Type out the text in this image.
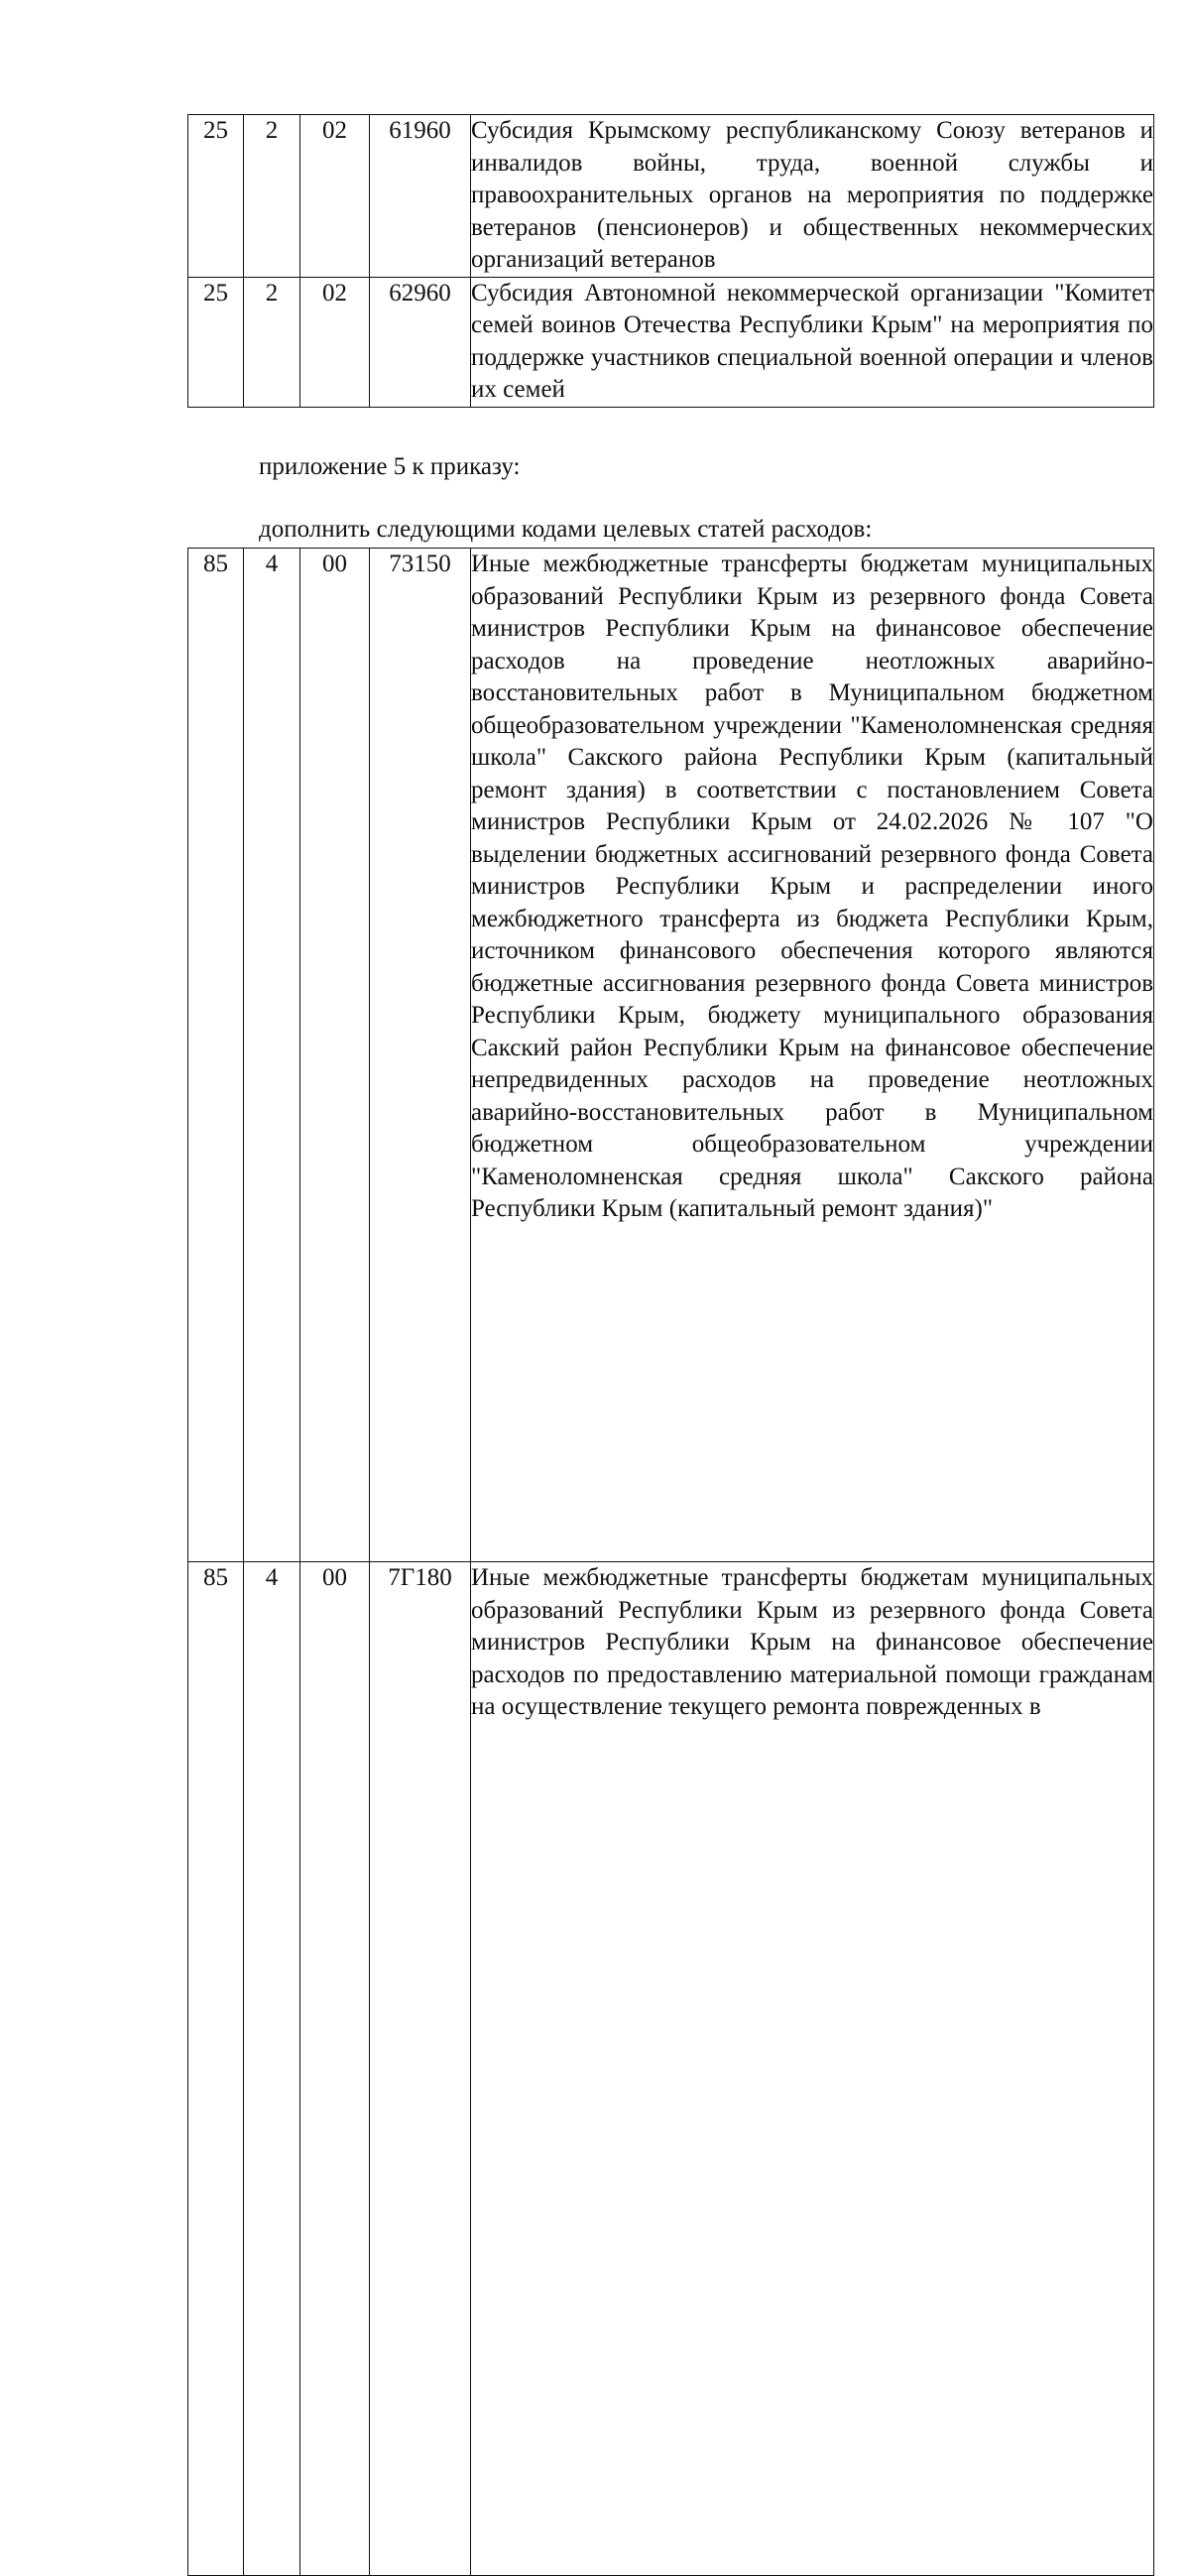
25	2	02	61960	Субсидия Крымскому республиканскому Союзу ветеранов и инвалидов войны, труда, военной службы и правоохранительных органов на мероприятия по поддержке ветеранов (пенсионеров) и общественных некоммерческих организаций ветеранов
25	2	02	62960	Субсидия Автономной некоммерческой организации "Комитет семей воинов Отечества Республики Крым" на мероприятия по поддержке участников специальной военной операции и членов их семей
приложение 5 к приказу:
дополнить следующими кодами целевых статей расходов:
85	4	00	73150	Иные межбюджетные трансферты бюджетам муниципальных образований Республики Крым из резервного фонда Совета министров Республики Крым на финансовое обеспечение расходов на проведение неотложных аварийно-восстановительных работ в Муниципальном бюджетном общеобразовательном учреждении "Каменоломненская средняя школа" Сакского района Республики Крым (капитальный ремонт здания) в соответствии с постановлением Совета министров Республики Крым от 24.02.2026 № 107 "О выделении бюджетных ассигнований резервного фонда Совета министров Республики Крым и распределении иного межбюджетного трансферта из бюджета Республики Крым, источником финансового обеспечения которого являются бюджетные ассигнования резервного фонда Совета министров Республики Крым, бюджету муниципального образования Сакский район Республики Крым на финансовое обеспечение непредвиденных расходов на проведение неотложных аварийно-восстановительных работ в Муниципальном бюджетном общеобразовательном учреждении "Каменоломненская средняя школа" Сакского района Республики Крым (капитальный ремонт здания)"
85	4	00	7Г180	Иные межбюджетные трансферты бюджетам муниципальных образований Республики Крым из резервного фонда Совета министров Республики Крым на финансовое обеспечение расходов по предоставлению материальной помощи гражданам на осуществление текущего ремонта поврежденных в
